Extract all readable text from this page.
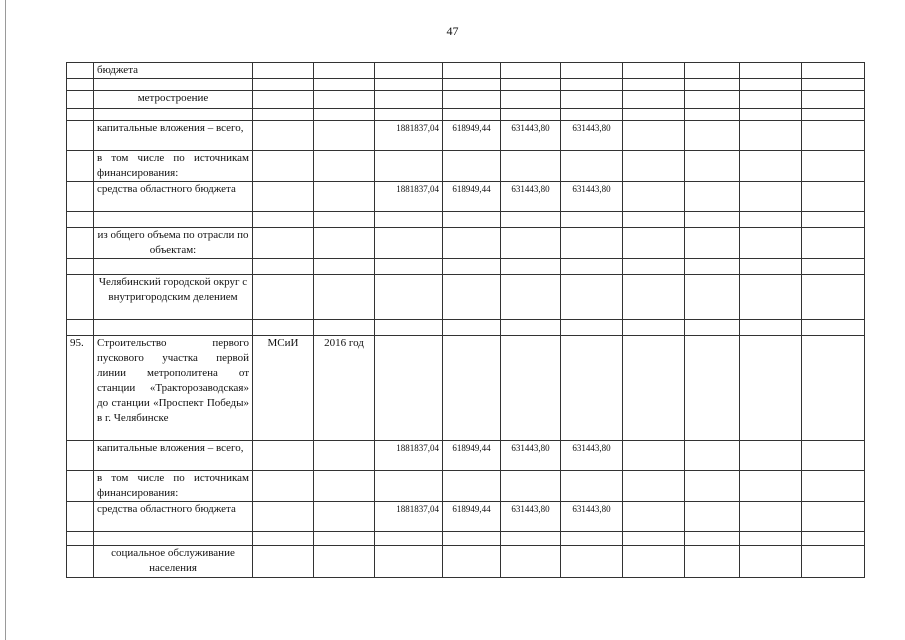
47
	бюджета										

	метростроение										

	капитальные вложения – всего,			1881837,04	618949,44	631443,80	631443,80				
	в том числе по источникам финансирования:										
	средства областного бюджета			1881837,04	618949,44	631443,80	631443,80				

	из общего объема по отрасли по объектам:										

	Челябинский городской округ с внутригородским делением										

95.	Строительство первого пускового участка первой линии метрополитена от станции «Тракторозаводская» до станции «Проспект Победы» в г. Челябинске	МСиИ	2016 год								
	капитальные вложения – всего,			1881837,04	618949,44	631443,80	631443,80				
	в том числе по источникам финансирования:										
	средства областного бюджета			1881837,04	618949,44	631443,80	631443,80				

	социальное обслуживание населения										
